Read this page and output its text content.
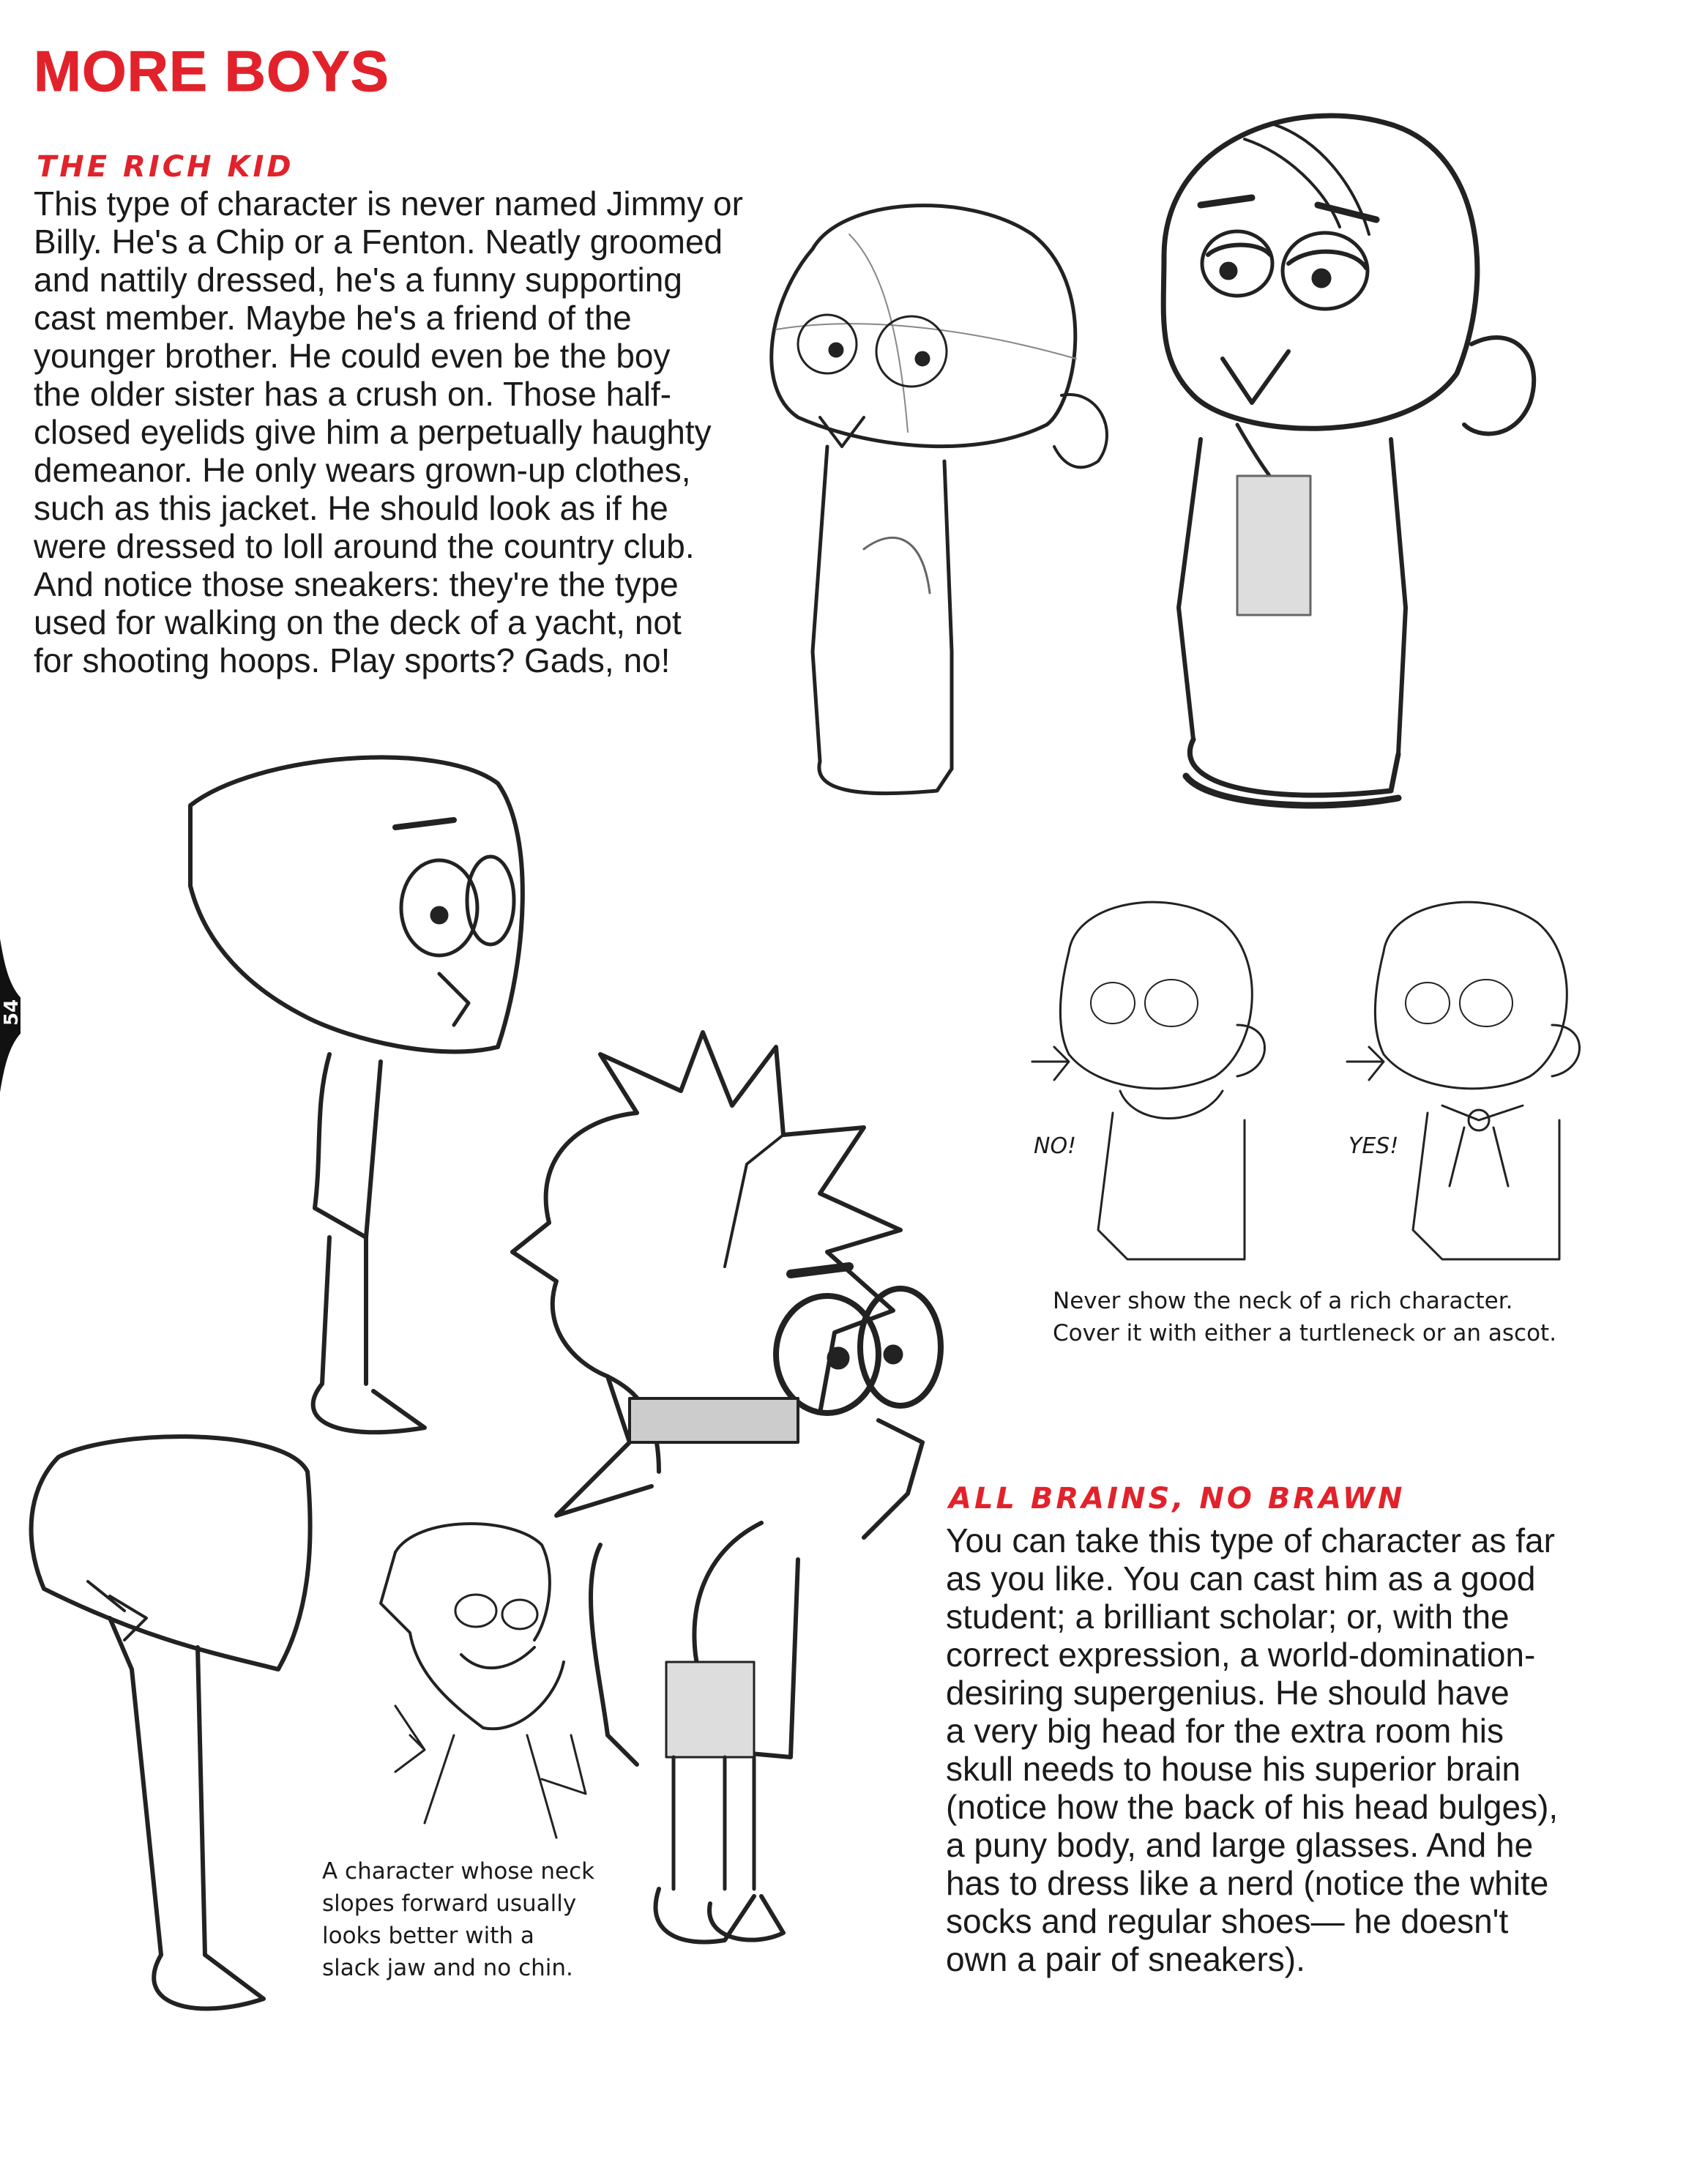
MORE BOYS
THE RICH KID
This type of character is never named Jimmy or
Billy. He's a Chip or a Fenton. Neatly groomed
and nattily dressed, he's a funny supporting
cast member. Maybe he's a friend of the
younger brother. He could even be the boy
the older sister has a crush on. Those half-
closed eyelids give him a perpetually haughty
demeanor. He only wears grown-up clothes,
such as this jacket. He should look as if he
were dressed to loll around the country club.
And notice those sneakers: they're the type
used for walking on the deck of a yacht, not
for shooting hoops. Play sports? Gads, no!
NO!	YES!
Never show the neck of a rich character.
Cover it with either a turtleneck or an ascot.
A character whose neck
slopes forward usually
looks better with a
slack jaw and no chin.
ALL BRAINS, NO BRAWN
You can take this type of character as far
as you like. You can cast him as a good
student; a brilliant scholar; or, with the
correct expression, a world-domination-
desiring supergenius. He should have
a very big head for the extra room his
skull needs to house his superior brain
(notice how the back of his head bulges),
a puny body, and large glasses. And he
has to dress like a nerd (notice the white
socks and regular shoes— he doesn't
own a pair of sneakers).
54
